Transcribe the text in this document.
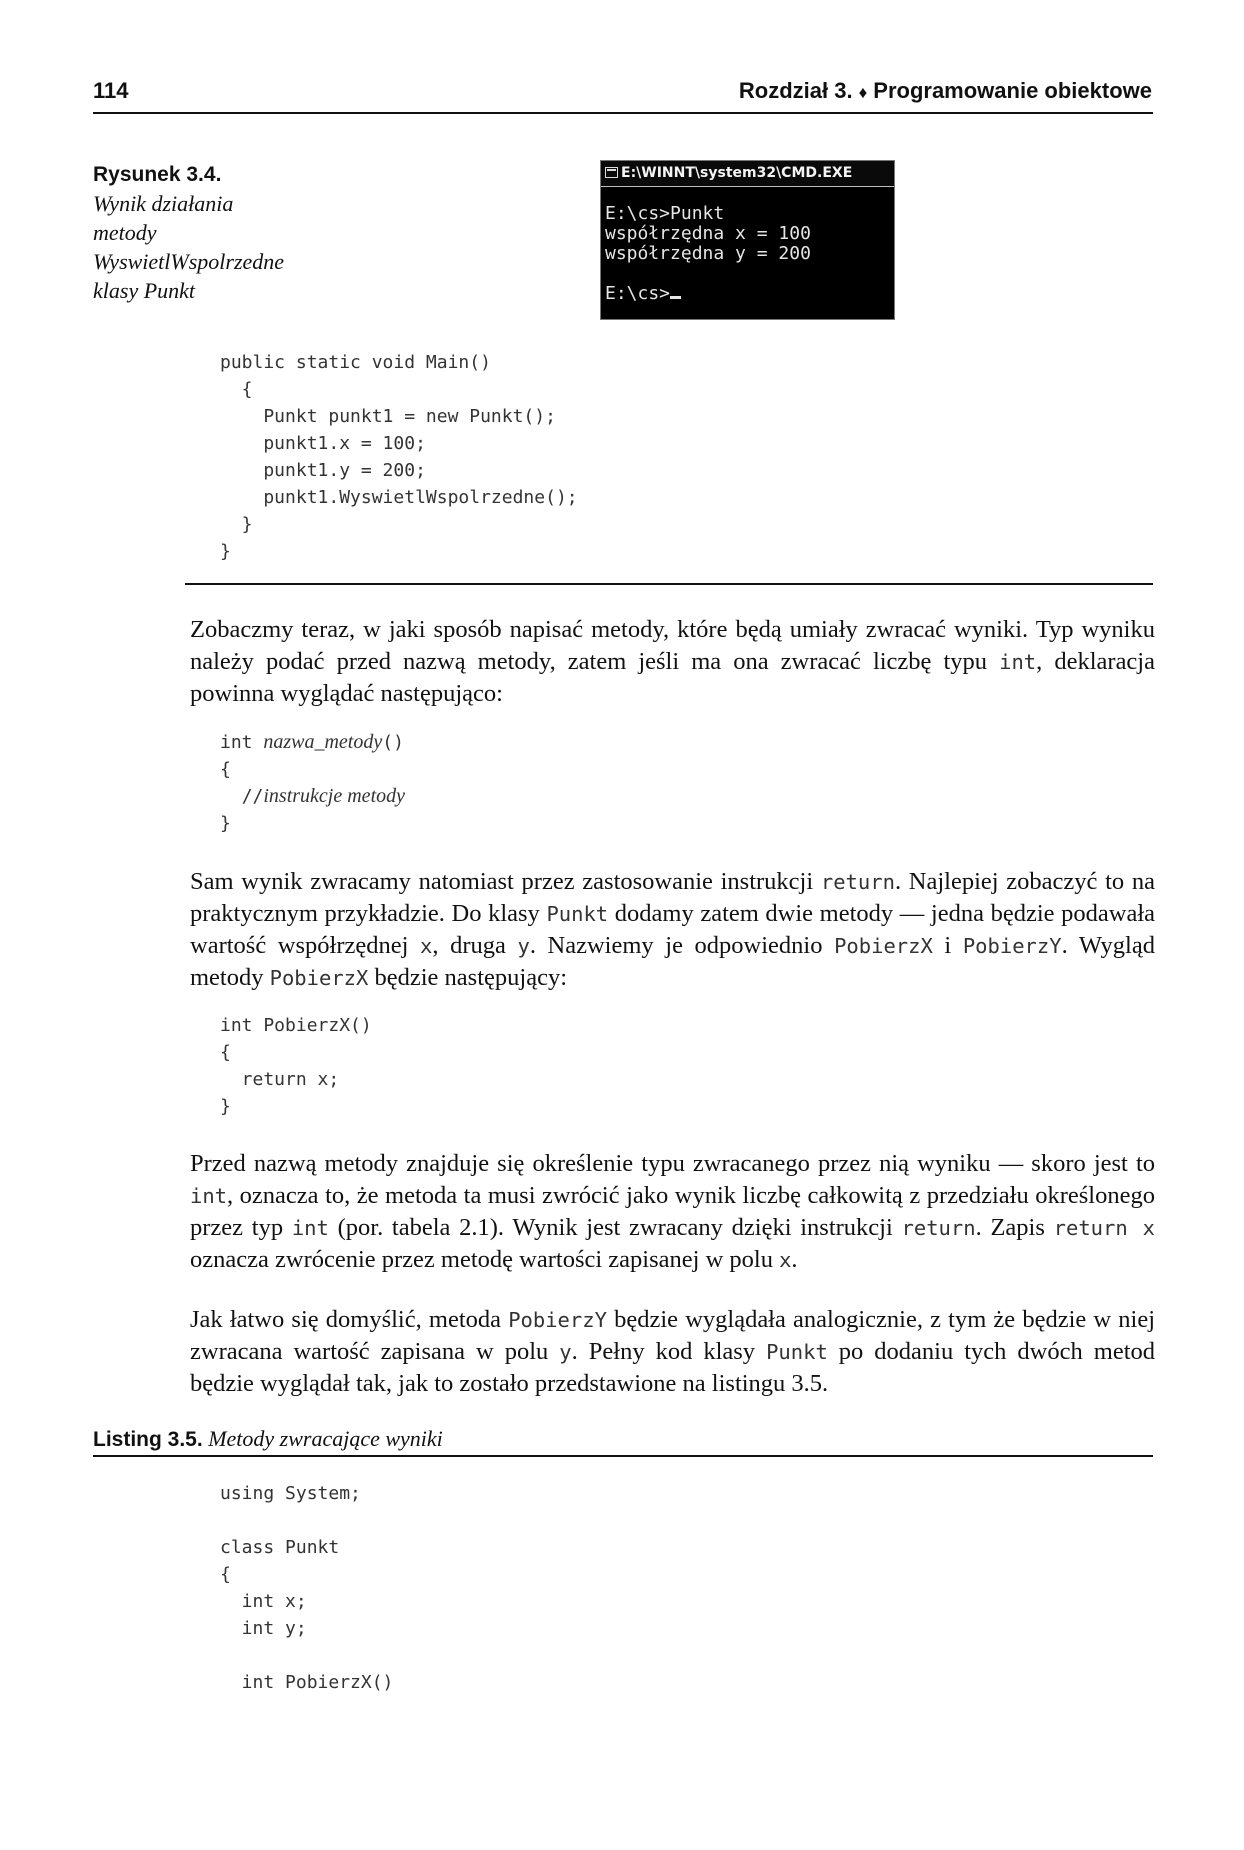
114	Rozdział 3. ♦ Programowanie obiektowe
Rysunek 3.4.
Wynik działania
metody
WyswietlWspolrzedne
klasy Punkt
E:\WINNT\system32\CMD.EXE
E:\cs>Punkt
współrzędna x = 100
współrzędna y = 200

E:\cs>
public static void Main()
{
Punkt punkt1 = new Punkt();
punkt1.x = 100;
punkt1.y = 200;
punkt1.WyswietlWspolrzedne();
}
}
Zobaczmy teraz, w jaki sposób napisać metody, które będą umiały zwracać wyniki. Typ wyniku należy podać przed nazwą metody, zatem jeśli ma ona zwracać liczbę typu int, deklaracja powinna wyglądać następująco:
int nazwa_metody()
{
//instrukcje metody
}
Sam wynik zwracamy natomiast przez zastosowanie instrukcji return. Najlepiej zobaczyć to na praktycznym przykładzie. Do klasy Punkt dodamy zatem dwie metody — jedna będzie podawała wartość współrzędnej x, druga y. Nazwiemy je odpowiednio PobierzX i PobierzY. Wygląd metody PobierzX będzie następujący:
int PobierzX()
{
return x;
}
Przed nazwą metody znajduje się określenie typu zwracanego przez nią wyniku — skoro jest to int, oznacza to, że metoda ta musi zwrócić jako wynik liczbę całkowitą z przedziału określonego przez typ int (por. tabela 2.1). Wynik jest zwracany dzięki instrukcji return. Zapis return x oznacza zwrócenie przez metodę wartości zapisanej w polu x.
Jak łatwo się domyślić, metoda PobierzY będzie wyglądała analogicznie, z tym że będzie w niej zwracana wartość zapisana w polu y. Pełny kod klasy Punkt po dodaniu tych dwóch metod będzie wyglądał tak, jak to zostało przedstawione na listingu 3.5.
Listing 3.5. Metody zwracające wyniki
using System;

class Punkt
{
int x;
int y;

int PobierzX()
